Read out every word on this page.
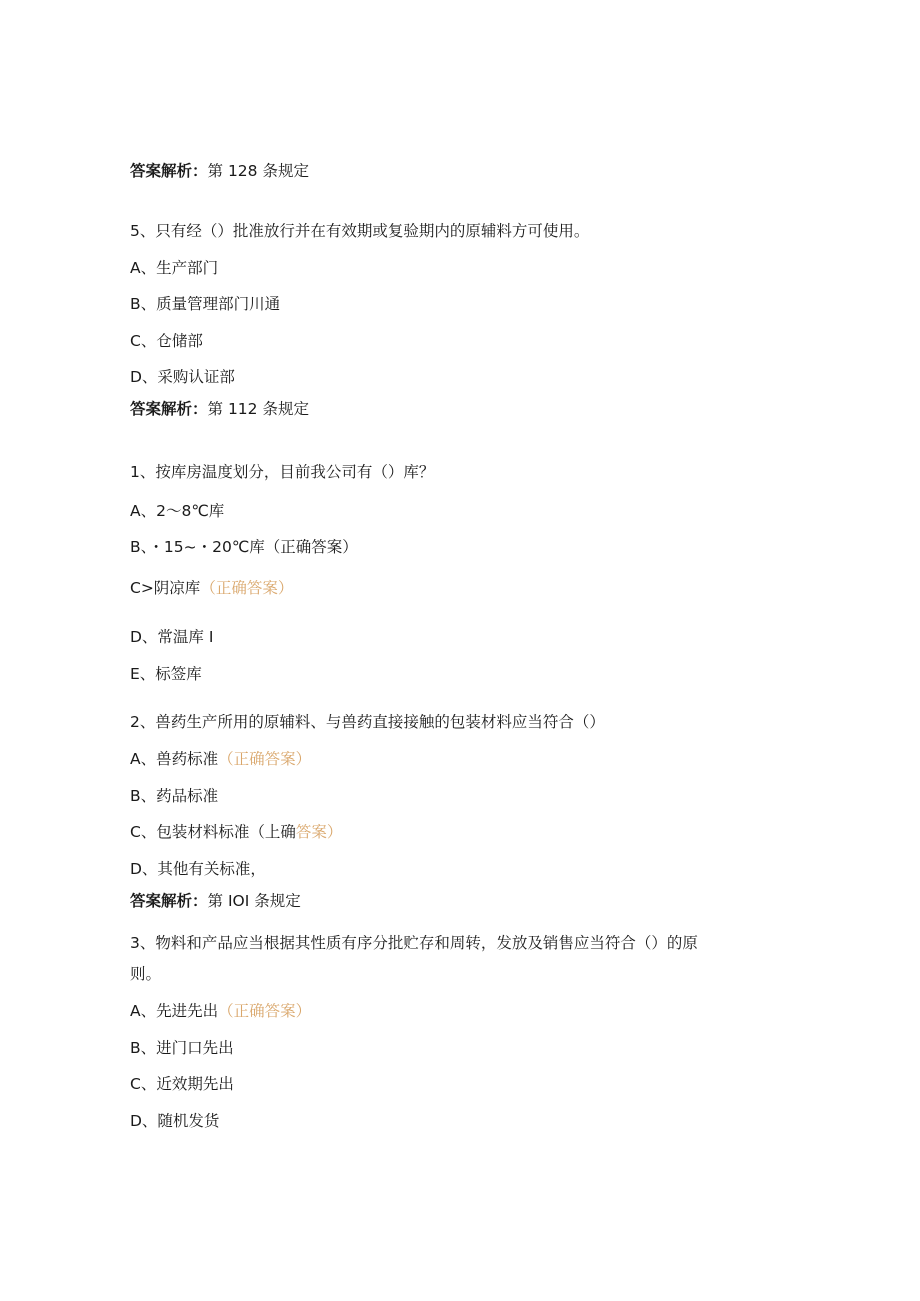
答案解析：第 128 条规定
5、只有经（）批准放行并在有效期或复验期内的原辅料方可使用。
A、生产部门
B、质量管理部门川通
C、仓储部
D、采购认证部
答案解析：第 112 条规定
1、按库房温度划分，目前我公司有（）库？
A、2～8℃库
B、・15~・20℃库（正确答案）
C>阴凉库（正确答案）
D、常温库 I
E、标签库
2、兽药生产所用的原辅料、与兽药直接接触的包装材料应当符合（）
A、兽药标准（正确答案）
B、药品标准
C、包装材料标准（上确答案）
D、其他有关标准，
答案解析：第 IOI 条规定
3、物料和产品应当根据其性质有序分批贮存和周转，发放及销售应当符合（）的原
则。
A、先进先出（正确答案）
B、进门口先出
C、近效期先出
D、随机发货
